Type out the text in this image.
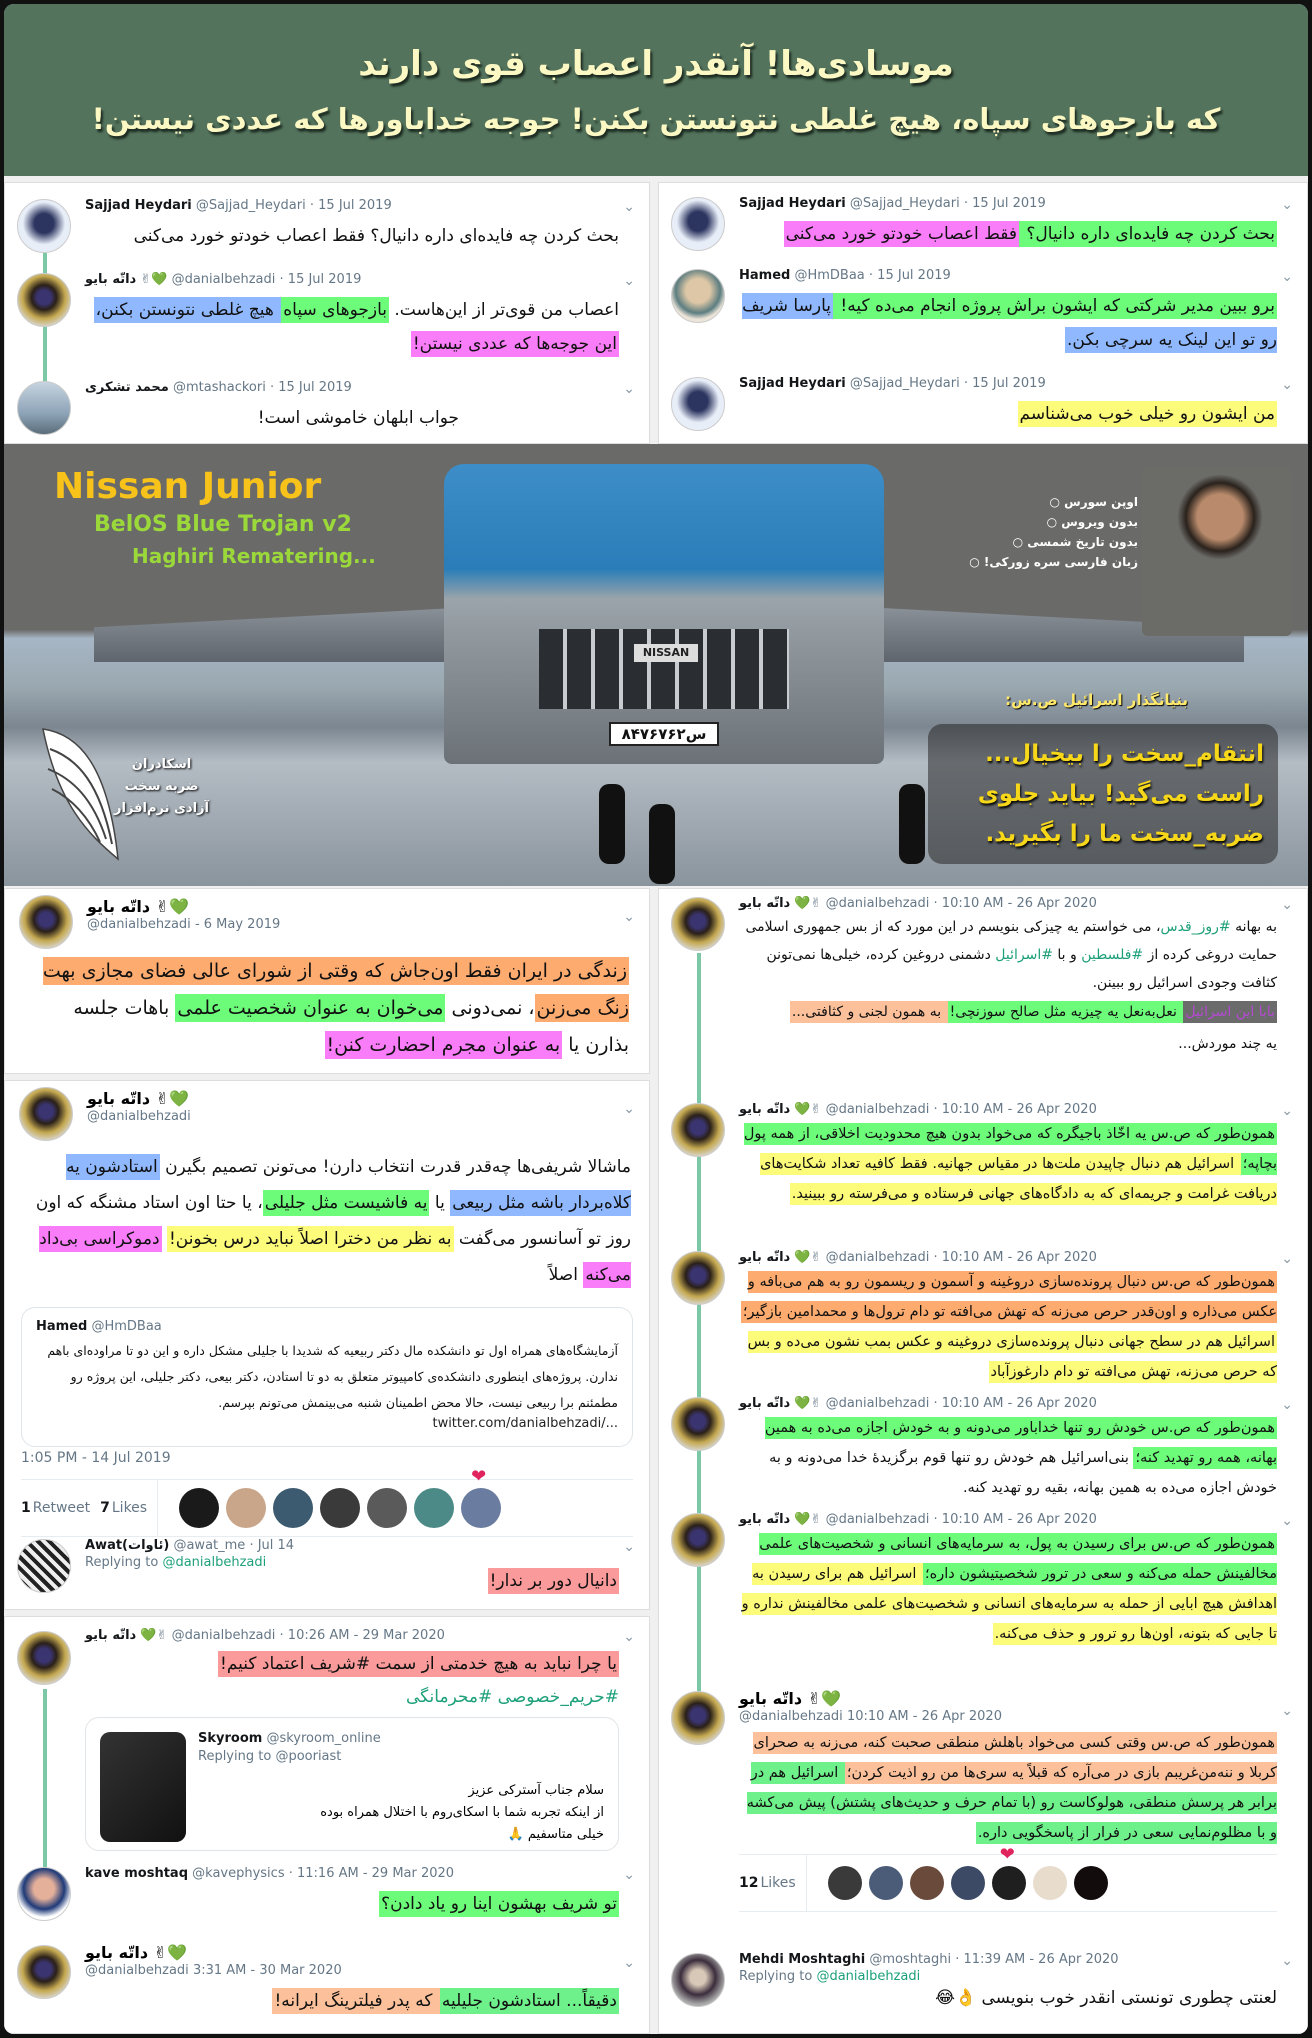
موسادی‌ها! آنقدر اعصاب قوی دارند
که بازجوهای سپاه، هیچ غلطی نتونستن بکنن! جوجه خداباورها که عددی نیستن!
Sajjad Heydari @Sajjad_Heydari · 15 Jul 2019	⌄
بحث کردن چه فایده‌ای داره دانیال؟ فقط اعصاب خودتو خورد می‌کنی
داتّه بایو ✌💚 @danialbehzadi · 15 Jul 2019	⌄
اعصاب من قوی‌تر از این‌هاست. بازجوهای سپاه هیچ غلطی نتونستن بکنن، این جوجه‌ها که عددی نیستن!
محمد تشکری @mtashackori · 15 Jul 2019	⌄
جواب ابلهان خاموشی است!
Sajjad Heydari @Sajjad_Heydari · 15 Jul 2019	⌄
بحث کردن چه فایده‌ای داره دانیال؟ فقط اعصاب خودتو خورد می‌کنی
Hamed @HmDBaa · 15 Jul 2019	⌄
برو ببین مدیر شرکتی که ایشون براش پروژه انجام می‌ده کیه! پارسا شریف رو تو این لینک یه سرچی بکن.
Sajjad Heydari @Sajjad_Heydari · 15 Jul 2019	⌄
من ایشون رو خیلی خوب می‌شناسم
NISSAN
۸۴س۷۶۷۶۲
Nissan Junior
BelOS Blue Trojan v2
Haghiri Rematering...
اوپن سورس ○
بدون ویروس ○
بدون تاریخ شمسی ○
زبان فارسی سره زورکی! ○
بنیانگذار اسرائیل ص.س:
انتقام_سخت را بیخیال...
راست می‌گید! بیاید جلوی
ضربه_سخت ما را بگیرید.
اسکادران
ضربه سخت
آزادی نرم‌افزار
💚✌ داتّه بایو
@danialbehzadi - 6 May 2019	⌄
زندگی در ایران فقط اون‌جاش که وقتی از شورای عالی فضای مجازی بهت زنگ می‌زنن، نمی‌دونی می‌خوان به عنوان شخصیت علمی باهات جلسه بذارن یا به عنوان مجرم احضارت کنن!
💚✌ داتّه بایو
@danialbehzadi	⌄
ماشالا شریفی‌ها چه‌قدر قدرت انتخاب دارن! می‌تونن تصمیم بگیرن استادشون یه کلاه‌بردار باشه مثل ربیعی یا یه فاشیست مثل جلیلی، یا حتا اون استاد مشنگه که اون روز تو آسانسور می‌گفت به نظر من دخترا اصلاً نباید درس بخونن! دموکراسی بی‌داد می‌کنه اصلاً
Hamed @HmDBaa
آزمایشگاه‌های همراه اول تو دانشکده مال دکتر ربیعیه که شدیدا با جلیلی مشکل داره و این دو تا مراوده‌ای باهم ندارن. پروژه‌های اینطوری دانشکده‌ی کامپیوتر متعلق به دو تا استادن، دکتر بیعی، دکتر جلیلی، این پروژه رو مطمئنم برا ربیعی نیست، حالا محض اطمینان شنبه می‌بینمش می‌تونم بپرسم.
twitter.com/danialbehzadi/...
1:05 PM - 14 Jul 2019
1 Retweet 7 Likes
❤
Awat(ئاوات) @awat_me · Jul 14
Replying to @danialbehzadi
⌄
دانیال دور بر ندار!
داتّه بایو 💚✌ @danialbehzadi · 10:26 AM - 29 Mar 2020	⌄
یا چرا نباید به هیچ خدمتی از سمت #شریف اعتماد کنیم!
#حریم_خصوصی #محرمانگی
Skyroom @skyroom_online
Replying to @pooriast
سلام جناب آسترکی عزیز
از اینکه تجربه شما با اسکای‌روم با اختلال همراه بوده خیلی متاسفیم 🙏
kave moshtaq @kavephysics · 11:16 AM - 29 Mar 2020	⌄
تو شریف بهشون اینا رو یاد دادن؟
💚✌ داتّه بایو
@danialbehzadi 3:31 AM - 30 Mar 2020	⌄
دقیقاً... استادشون جلیلیه که پدر فیلترینگ ایرانه!
داتّه بایو 💚✌ @danialbehzadi · 10:10 AM - 26 Apr 2020	⌄
به بهانه #روز_قدس، می خواستم یه چیزکی بنویسم در این مورد که از بس جمهوری اسلامی حمایت دروغی کرده از #فلسطین و با #اسرائیل دشمنی دروغین کرده، خیلی‌ها نمی‌تونن کثافت وجودی اسرائیل رو ببینن.
بابا این اسرائیل نعل‌به‌نعل یه چیزیه مثل صالح سوزنچی! به همون لجنی و کثافتی...
یه چند موردش...
داتّه بایو 💚✌ @danialbehzadi · 10:10 AM - 26 Apr 2020	⌄
همون‌طور که ص.س یه اخّاذ باجیگره که می‌خواد بدون هیچ محدودیت اخلاقی، از همه پول بچاپه؛ اسرائیل هم دنبال چاپیدن ملت‌ها در مقیاس جهانیه. فقط کافیه تعداد شکایت‌های دریافت غرامت و جریمه‌ای که به دادگاه‌های جهانی فرستاده و می‌فرسته رو ببینید.
داتّه بایو 💚✌ @danialbehzadi · 10:10 AM - 26 Apr 2020	⌄
همون‌طور که ص.س دنبال پرونده‌سازی دروغینه و آسمون و ریسمون رو به هم می‌بافه و عکس می‌ذاره و اون‌قدر حرص می‌زنه که تهش می‌افته تو دام ترول‌ها و محمدامین بازگیر؛ اسرائیل هم در سطح جهانی دنبال پرونده‌سازی دروغینه و عکس بمب نشون می‌ده و بس که حرص می‌زنه، تهش می‌افته تو دام دارغوزآباد
داتّه بایو 💚✌ @danialbehzadi · 10:10 AM - 26 Apr 2020	⌄
همون‌طور که ص.س خودش رو تنها خداباور می‌دونه و به خودش اجازه می‌ده به همین بهانه، همه رو تهدید کنه؛ بنی‌اسرائیل هم خودش رو تنها قوم برگزیدهٔ خدا می‌دونه و به خودش اجازه می‌ده به همین بهانه، بقیه رو تهدید کنه.
داتّه بایو 💚✌ @danialbehzadi · 10:10 AM - 26 Apr 2020	⌄
همون‌طور که ص.س برای رسیدن به پول، به سرمایه‌های انسانی و شخصیت‌های علمی مخالفینش حمله می‌کنه و سعی در ترور شخصیتیشون داره؛ اسرائیل هم برای رسیدن به اهدافش هیچ ابایی از حمله به سرمایه‌های انسانی و شخصیت‌های علمی مخالفینش نداره و تا جایی که بتونه، اون‌ها رو ترور و حذف می‌کنه.
💚✌ داتّه بایو
@danialbehzadi 10:10 AM - 26 Apr 2020	⌄
همون‌طور که ص.س وقتی کسی می‌خواد باهلش منطقی صحبت کنه، می‌زنه به صحرای کربلا و ننه‌من‌غریبم بازی در می‌آره که قبلاً یه سری‌ها من رو اذیت کردن؛ اسرائیل هم در برابر هر پرسش منطقی، هولوکاست رو (با تمام حرف و حدیث‌های پشتش) پیش می‌کشه و با مظلوم‌نمایی سعی در فرار از پاسخگویی داره.
12 Likes
❤
Mehdi Moshtaghi @moshtaghi · 11:39 AM - 26 Apr 2020
Replying to @danialbehzadi
⌄
لعنتی چطوری تونستی انقدر خوب بنویسی 👌😂
